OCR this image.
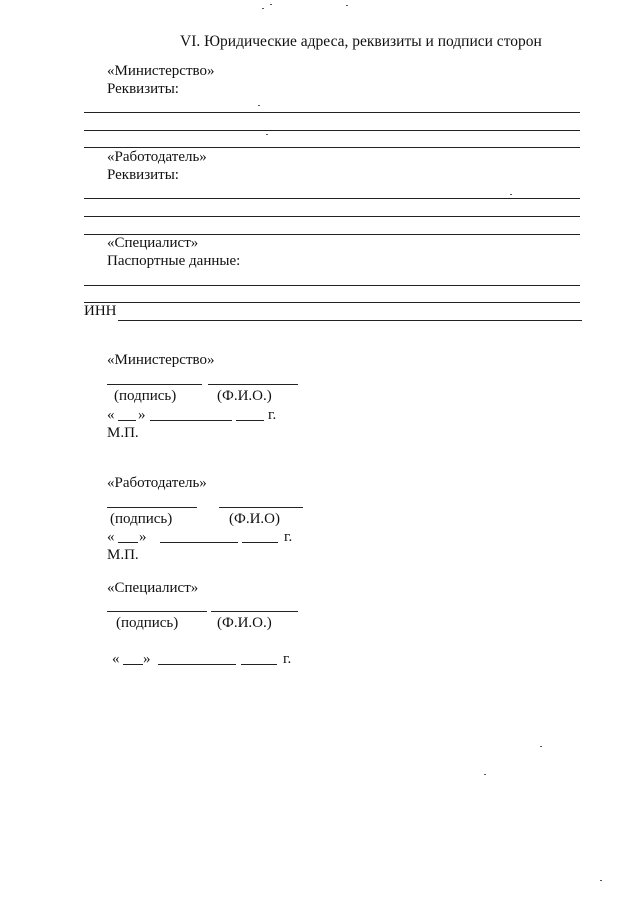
VI. Юридические адреса, реквизиты и подписи сторон
«Министерство»
Реквизиты:
«Работодатель»
Реквизиты:
«Специалист»
Паспортные данные:
ИНН
«Министерство»
(подпись)	(Ф.И.О.)
« »	г.
М.П.
«Работодатель»
(подпись)	(Ф.И.О)
« »	г.
М.П.
«Специалист»
(подпись)	(Ф.И.О.)
« »	г.
